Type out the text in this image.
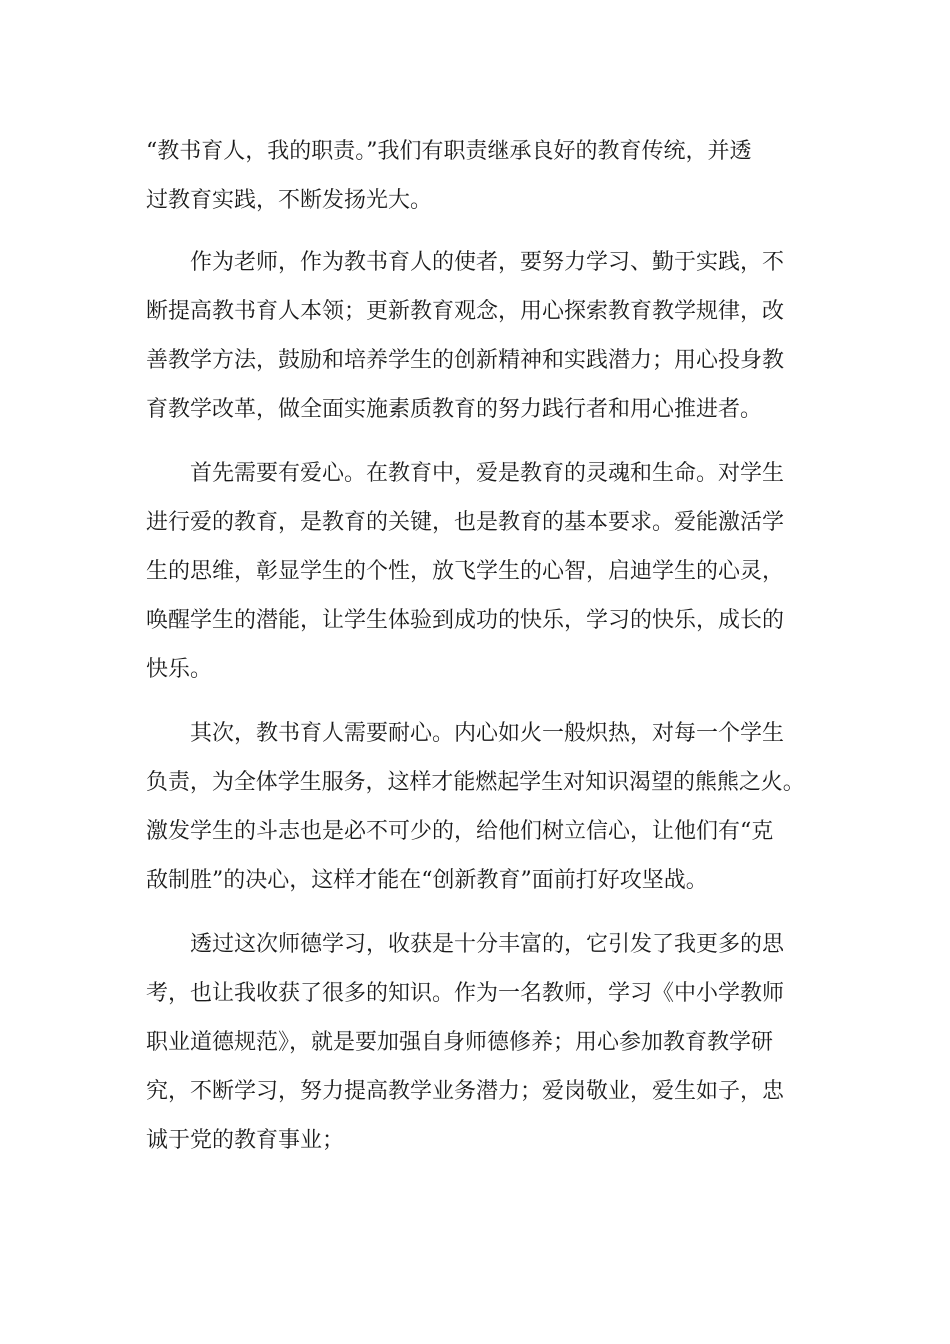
“教书育人，我的职责。”我们有职责继承良好的教育传统，并透
过教育实践，不断发扬光大。
　　作为老师，作为教书育人的使者，要努力学习、勤于实践，不
断提高教书育人本领；更新教育观念，用心探索教育教学规律，改
善教学方法，鼓励和培养学生的创新精神和实践潜力；用心投身教
育教学改革，做全面实施素质教育的努力践行者和用心推进者。
　　首先需要有爱心。在教育中，爱是教育的灵魂和生命。对学生
进行爱的教育，是教育的关键，也是教育的基本要求。爱能激活学
生的思维，彰显学生的个性，放飞学生的心智，启迪学生的心灵，
唤醒学生的潜能，让学生体验到成功的快乐，学习的快乐，成长的
快乐。
　　其次，教书育人需要耐心。内心如火一般炽热，对每一个学生
负责，为全体学生服务，这样才能燃起学生对知识渴望的熊熊之火。
激发学生的斗志也是必不可少的，给他们树立信心，让他们有“克
敌制胜”的决心，这样才能在“创新教育”面前打好攻坚战。
　　透过这次师德学习，收获是十分丰富的，它引发了我更多的思
考，也让我收获了很多的知识。作为一名教师，学习《中小学教师
职业道德规范》，就是要加强自身师德修养；用心参加教育教学研
究，不断学习，努力提高教学业务潜力；爱岗敬业，爱生如子，忠
诚于党的教育事业；
